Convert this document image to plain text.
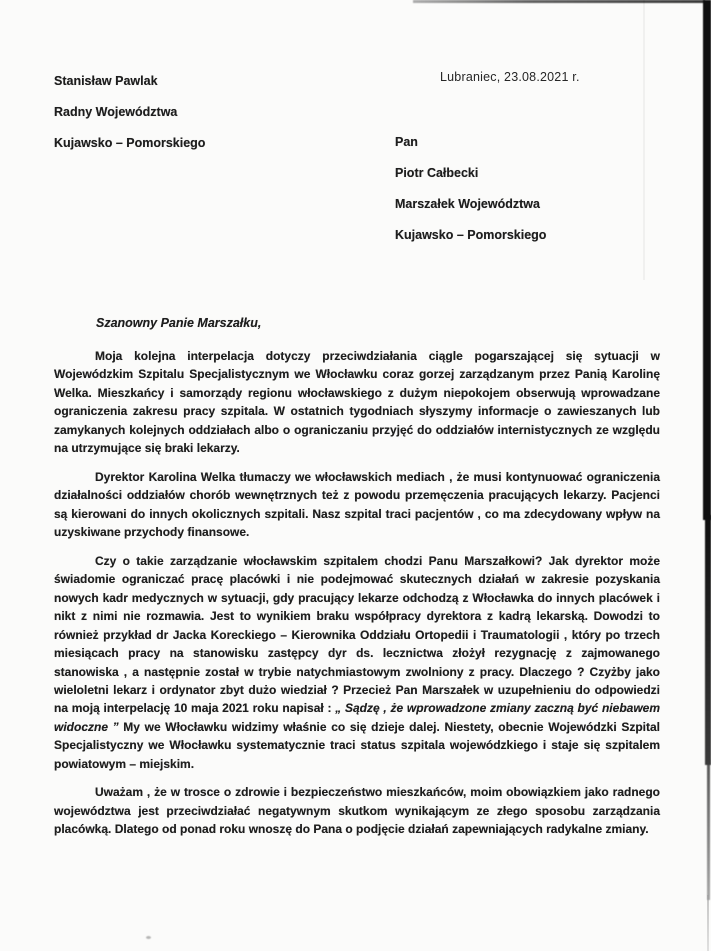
Stanisław Pawlak

Radny Województwa

Kujawsko – Pomorskiego

Lubraniec, 23.08.2021 r.

Pan

Piotr Całbecki

Marszałek Województwa

Kujawsko – Pomorskiego

Szanowny Panie Marszałku,

Moja kolejna interpelacja dotyczy przeciwdziałania ciągle pogarszającej się sytuacji w Wojewódzkim Szpitalu Specjalistycznym we Włocławku coraz gorzej zarządzanym przez Panią Karolinę Welka. Mieszkańcy i samorządy regionu włocławskiego z dużym niepokojem obserwują wprowadzane ograniczenia zakresu pracy szpitala. W ostatnich tygodniach słyszymy informacje o zawieszanych lub zamykanych kolejnych oddziałach albo o ograniczaniu przyjęć do oddziałów internistycznych ze względu na utrzymujące się braki lekarzy.

Dyrektor Karolina Welka tłumaczy we włocławskich mediach , że musi kontynuować ograniczenia działalności oddziałów chorób wewnętrznych też z powodu przemęczenia pracujących lekarzy. Pacjenci są kierowani do innych okolicznych szpitali. Nasz szpital traci pacjentów , co ma zdecydowany wpływ na uzyskiwane przychody finansowe.

Czy o takie zarządzanie włocławskim szpitalem chodzi Panu Marszałkowi? Jak dyrektor może świadomie ograniczać pracę placówki i nie podejmować skutecznych działań w zakresie pozyskania nowych kadr medycznych w sytuacji, gdy pracujący lekarze odchodzą z Włocławka do innych placówek i nikt z nimi nie rozmawia. Jest to wynikiem braku współpracy dyrektora z kadrą lekarską. Dowodzi to również przykład dr Jacka Koreckiego – Kierownika Oddziału Ortopedii i Traumatologii , który po trzech miesiącach pracy na stanowisku zastępcy dyr ds. lecznictwa złożył rezygnację z zajmowanego stanowiska , a następnie został w trybie natychmiastowym zwolniony z pracy. Dlaczego ? Czyżby jako wieloletni lekarz i ordynator zbyt dużo wiedział ? Przecież Pan Marszałek w uzupełnieniu do odpowiedzi na moją interpelację 10 maja 2021 roku napisał : „ Sądzę , że wprowadzone zmiany zaczną być niebawem widoczne ” My we Włocławku widzimy właśnie co się dzieje dalej. Niestety, obecnie Wojewódzki Szpital Specjalistyczny we Włocławku systematycznie traci status szpitala wojewódzkiego i staje się szpitalem powiatowym – miejskim.

Uważam , że w trosce o zdrowie i bezpieczeństwo mieszkańców, moim obowiązkiem jako radnego województwa jest przeciwdziałać negatywnym skutkom wynikającym ze złego sposobu zarządzania placówką. Dlatego od ponad roku wnoszę do Pana o podjęcie działań zapewniających radykalne zmiany.
